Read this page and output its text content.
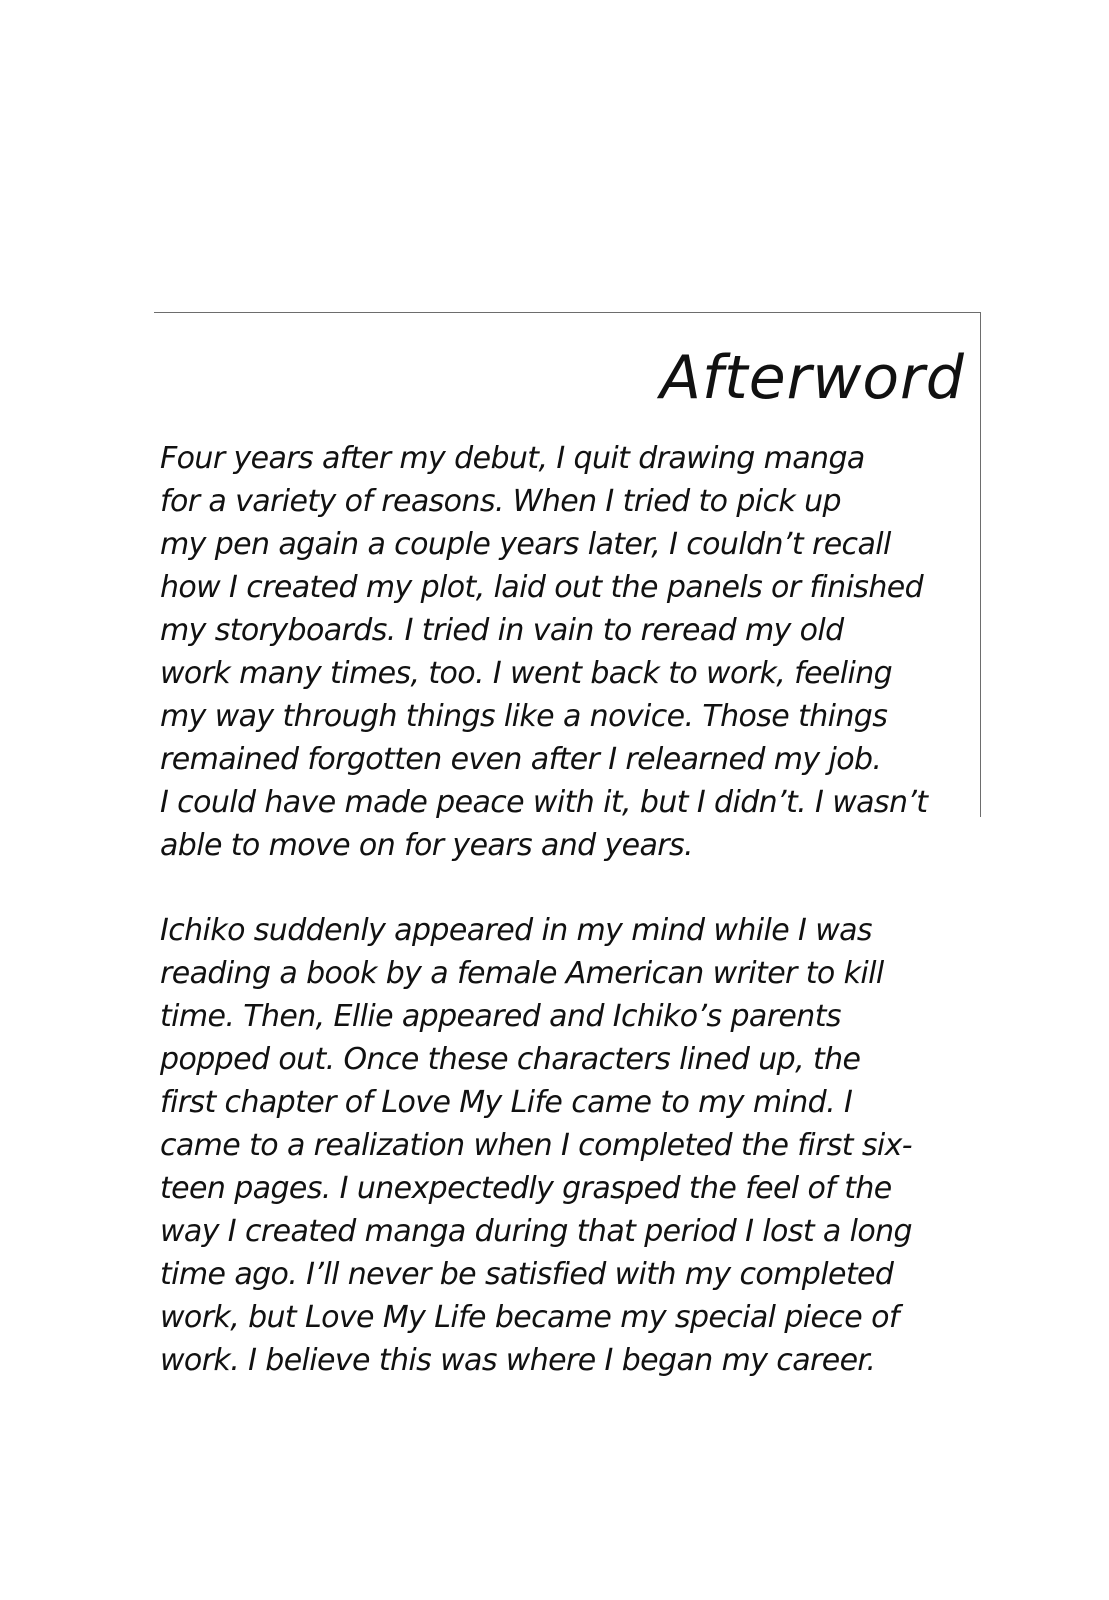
Afterword
Four years after my debut, I quit drawing manga
for a variety of reasons. When I tried to pick up
my pen again a couple years later, I couldn’t recall
how I created my plot, laid out the panels or finished
my storyboards. I tried in vain to reread my old
work many times, too. I went back to work, feeling
my way through things like a novice. Those things
remained forgotten even after I relearned my job.
I could have made peace with it, but I didn’t. I wasn’t
able to move on for years and years.
Ichiko suddenly appeared in my mind while I was
reading a book by a female American writer to kill
time. Then, Ellie appeared and Ichiko’s parents
popped out. Once these characters lined up, the
first chapter of Love My Life came to my mind. I
came to a realization when I completed the first six-
teen pages. I unexpectedly grasped the feel of the
way I created manga during that period I lost a long
time ago. I’ll never be satisfied with my completed
work, but Love My Life became my special piece of
work. I believe this was where I began my career.
